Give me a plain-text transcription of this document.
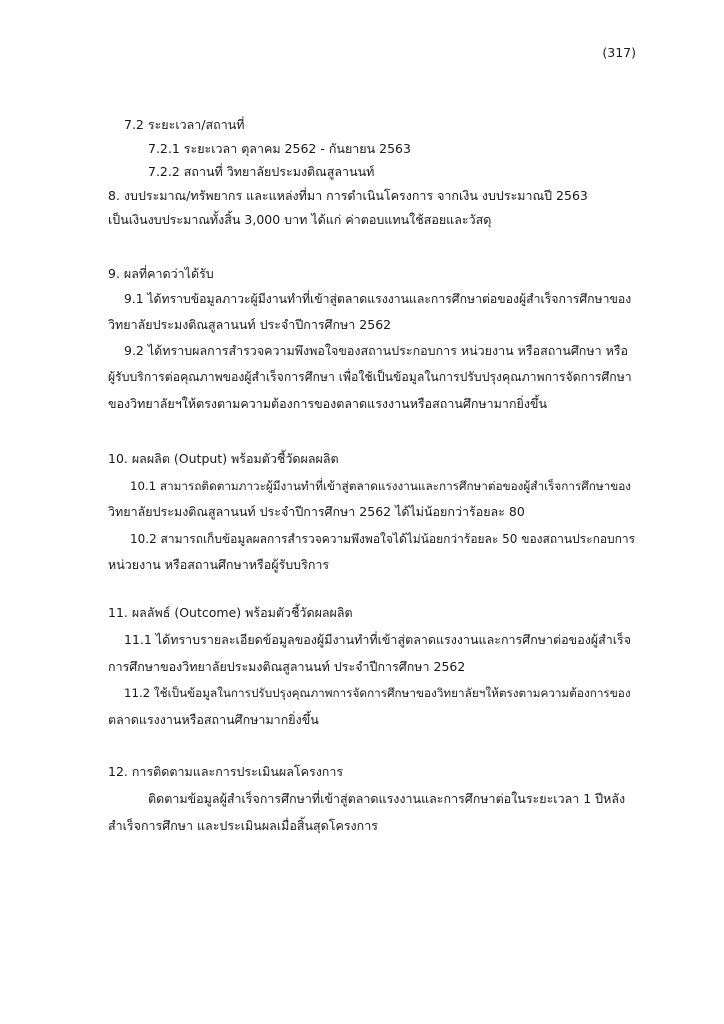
(317)
7.2 ระยะเวลา/สถานที่
7.2.1 ระยะเวลา ตุลาคม 2562 - กันยายน 2563
7.2.2 สถานที่ วิทยาลัยประมงติณสูลานนท์
8. งบประมาณ/ทรัพยากร และแหล่งที่มา การดำเนินโครงการ จากเงิน งบประมาณปี 2563
เป็นเงินงบประมาณทั้งสิ้น 3,000 บาท ได้แก่ ค่าตอบแทนใช้สอยและวัสดุ
9. ผลที่คาดว่าได้รับ
9.1 ได้ทราบข้อมูลภาวะผู้มีงานทำที่เข้าสู่ตลาดแรงงานและการศึกษาต่อของผู้สำเร็จการศึกษาของ
วิทยาลัยประมงติณสูลานนท์ ประจำปีการศึกษา 2562
9.2 ได้ทราบผลการสำรวจความพึงพอใจของสถานประกอบการ หน่วยงาน หรือสถานศึกษา หรือ
ผู้รับบริการต่อคุณภาพของผู้สำเร็จการศึกษา เพื่อใช้เป็นข้อมูลในการปรับปรุงคุณภาพการจัดการศึกษา
ของวิทยาลัยฯให้ตรงตามความต้องการของตลาดแรงงานหรือสถานศึกษามากยิ่งขึ้น
10. ผลผลิต (Output) พร้อมตัวชี้วัดผลผลิต
10.1 สามารถติดตามภาวะผู้มีงานทำที่เข้าสู่ตลาดแรงงานและการศึกษาต่อของผู้สำเร็จการศึกษาของ
วิทยาลัยประมงติณสูลานนท์ ประจำปีการศึกษา 2562 ได้ไม่น้อยกว่าร้อยละ 80
10.2 สามารถเก็บข้อมูลผลการสำรวจความพึงพอใจได้ไม่น้อยกว่าร้อยละ 50 ของสถานประกอบการ
หน่วยงาน หรือสถานศึกษาหรือผู้รับบริการ
11. ผลลัพธ์ (Outcome) พร้อมตัวชี้วัดผลผลิต
11.1 ได้ทราบรายละเอียดข้อมูลของผู้มีงานทำที่เข้าสู่ตลาดแรงงานและการศึกษาต่อของผู้สำเร็จ
การศึกษาของวิทยาลัยประมงติณสูลานนท์ ประจำปีการศึกษา 2562
11.2 ใช้เป็นข้อมูลในการปรับปรุงคุณภาพการจัดการศึกษาของวิทยาลัยฯให้ตรงตามความต้องการของ
ตลาดแรงงานหรือสถานศึกษามากยิ่งขึ้น
12. การติดตามและการประเมินผลโครงการ
ติดตามข้อมูลผู้สำเร็จการศึกษาที่เข้าสู่ตลาดแรงงานและการศึกษาต่อในระยะเวลา 1 ปีหลัง
สำเร็จการศึกษา และประเมินผลเมื่อสิ้นสุดโครงการ
